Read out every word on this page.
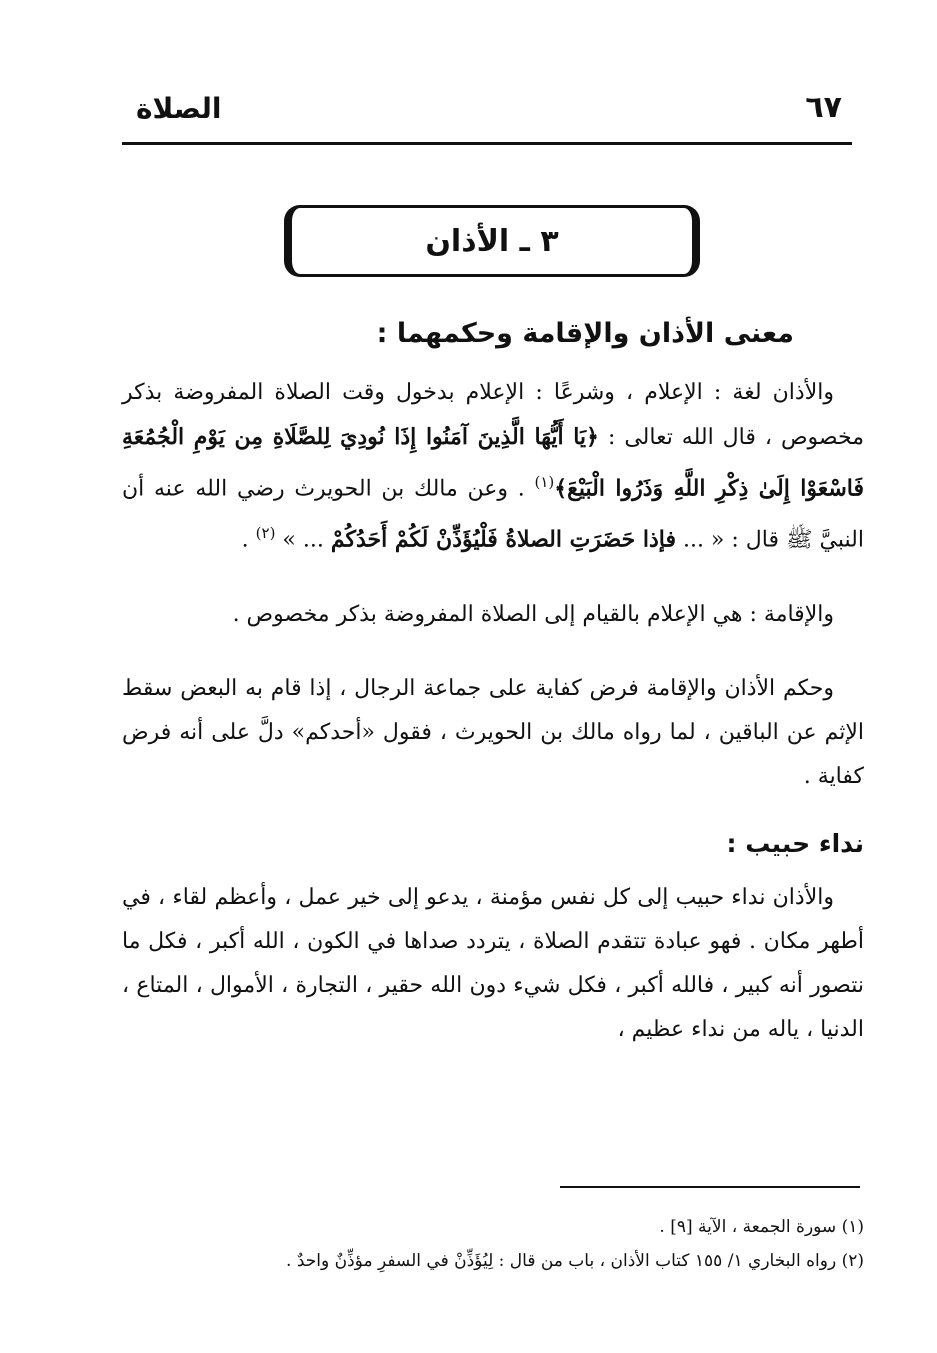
٦٧
الصلاة
٣ ـ الأذان
معنى الأذان والإقامة وحكمهما :

والأذان لغة : الإعلام ، وشرعًا : الإعلام بدخول وقت الصلاة المفروضة بذكر مخصوص ، قال الله تعالى : ﴿يَا أَيُّهَا الَّذِينَ آمَنُوا إِذَا نُودِيَ لِلصَّلَاةِ مِن يَوْمِ الْجُمُعَةِ فَاسْعَوْا إِلَىٰ ذِكْرِ اللَّهِ وَذَرُوا الْبَيْعَ﴾$^{(١)}$ . وعن مالك بن الحويرث رضي الله عنه أن النبيَّ ﷺ قال : « ... فإذا حَضَرَتِ الصلاةُ فَلْيُؤَذِّنْ لَكُمْ أَحَدُكُمْ ... » $^{(٢)}$ .

والإقامة : هي الإعلام بالقيام إلى الصلاة المفروضة بذكر مخصوص .

وحكم الأذان والإقامة فرض كفاية على جماعة الرجال ، إذا قام به البعض سقط الإثم عن الباقين ، لما رواه مالك بن الحويرث ، فقول «أحدكم» دلَّ على أنه فرض كفاية .

نداء حبيب :

والأذان نداء حبيب إلى كل نفس مؤمنة ، يدعو إلى خير عمل ، وأعظم لقاء ، في أطهر مكان . فهو عبادة تتقدم الصلاة ، يتردد صداها في الكون ، الله أكبر ، فكل ما نتصور أنه كبير ، فالله أكبر ، فكل شيء دون الله حقير ، التجارة ، الأموال ، المتاع ، الدنيا ، ياله من نداء عظيم ،

(١) سورة الجمعة ، الآية [٩] .

(٢) رواه البخاري ١/ ١٥٥ كتاب الأذان ، باب من قال : لِيُؤَذِّنْ في السفرِ مؤذِّنٌ واحدٌ .
